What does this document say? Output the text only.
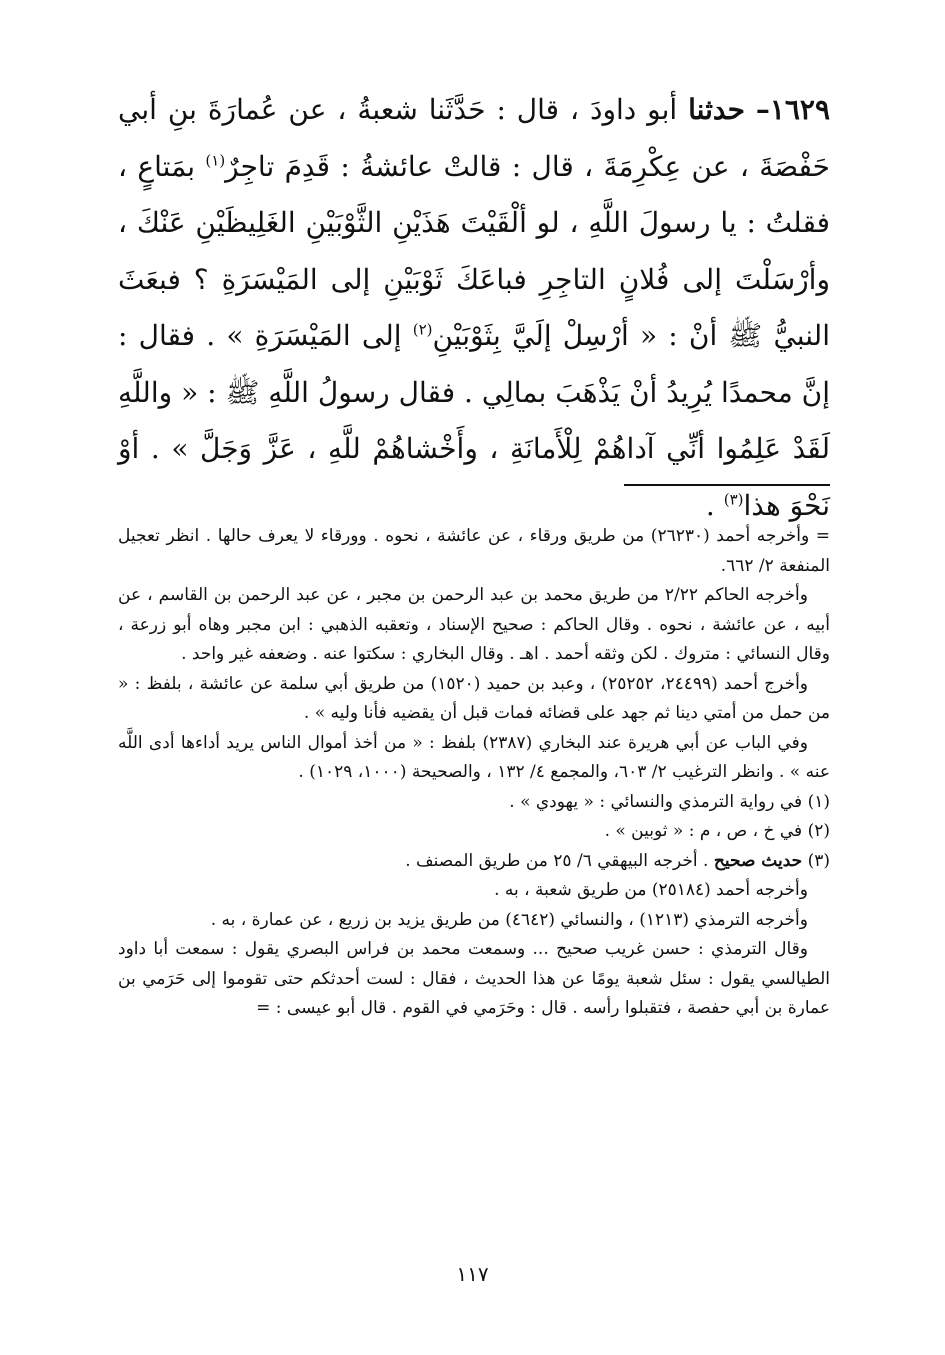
١٦٢٩– حدثنا أبو داودَ ، قال : حَدَّثَنا شعبةُ ، عن عُمارَةَ بنِ أبي حَفْصَةَ ، عن عِكْرِمَةَ ، قال : قالتْ عائشةُ : قَدِمَ تاجِرٌ$^{(١)}$ بمَتاعٍ ، فقلتُ : يا رسولَ اللَّهِ ، لو ألْقَيْتَ هَذَيْنِ الثَّوْبَيْنِ الغَلِيظَيْنِ عَنْكَ ، وأرْسَلْتَ إلى فُلانٍ التاجِرِ فباعَكَ ثَوْبَيْنِ إلى المَيْسَرَةِ ؟ فبعَثَ النبيُّ ﷺ أنْ : « أرْسِلْ إلَيَّ بِثَوْبَيْنِ$^{(٢)}$ إلى المَيْسَرَةِ » . فقال : إنَّ محمدًا يُرِيدُ أنْ يَذْهَبَ بمالِي . فقال رسولُ اللَّهِ ﷺ : « واللَّهِ لَقَدْ عَلِمُوا أنِّي آداهُمْ لِلْأَمانَةِ ، وأَخْشاهُمْ للَّهِ ، عَزَّ وَجَلَّ » . أوْ نَحْوَ هذا$^{(٣)}$ .

= وأخرجه أحمد (٢٦٢٣٠) من طريق ورقاء ، عن عائشة ، نحوه . وورقاء لا يعرف حالها . انظر تعجيل المنفعة ٢/ ٦٦٢.

وأخرجه الحاكم ٢/٢٢ من طريق محمد بن عبد الرحمن بن مجبر ، عن عبد الرحمن بن القاسم ، عن أبيه ، عن عائشة ، نحوه . وقال الحاكم : صحيح الإسناد ، وتعقبه الذهبي : ابن مجبر وهاه أبو زرعة ، وقال النسائي : متروك . لكن وثقه أحمد . اهـ . وقال البخاري : سكتوا عنه . وضعفه غير واحد .

وأخرج أحمد (٢٤٤٩٩، ٢٥٢٥٢) ، وعبد بن حميد (١٥٢٠) من طريق أبي سلمة عن عائشة ، بلفظ : « من حمل من أمتي دينا ثم جهد على قضائه فمات قبل أن يقضيه فأنا وليه » .

وفي الباب عن أبي هريرة عند البخاري (٢٣٨٧) بلفظ : « من أخذ أموال الناس يريد أداءها أدى اللَّه عنه » . وانظر الترغيب ٢/ ٦٠٣، والمجمع ٤/ ١٣٢ ، والصحيحة (١٠٠٠، ١٠٢٩) .

(١) في رواية الترمذي والنسائي : « يهودي » .

(٢) في خ ، ص ، م : « ثوبين » .

(٣) حديث صحيح . أخرجه البيهقي ٦/ ٢٥ من طريق المصنف .

وأخرجه أحمد (٢٥١٨٤) من طريق شعبة ، به .

وأخرجه الترمذي (١٢١٣) ، والنسائي (٤٦٤٢) من طريق يزيد بن زريع ، عن عمارة ، به .

وقال الترمذي : حسن غريب صحيح ... وسمعت محمد بن فراس البصري يقول : سمعت أبا داود الطيالسي يقول : سئل شعبة يومًا عن هذا الحديث ، فقال : لست أحدثكم حتى تقوموا إلى حَرَمي بن عمارة بن أبي حفصة ، فتقبلوا رأسه . قال : وحَرَمي في القوم . قال أبو عيسى : =

١١٧
